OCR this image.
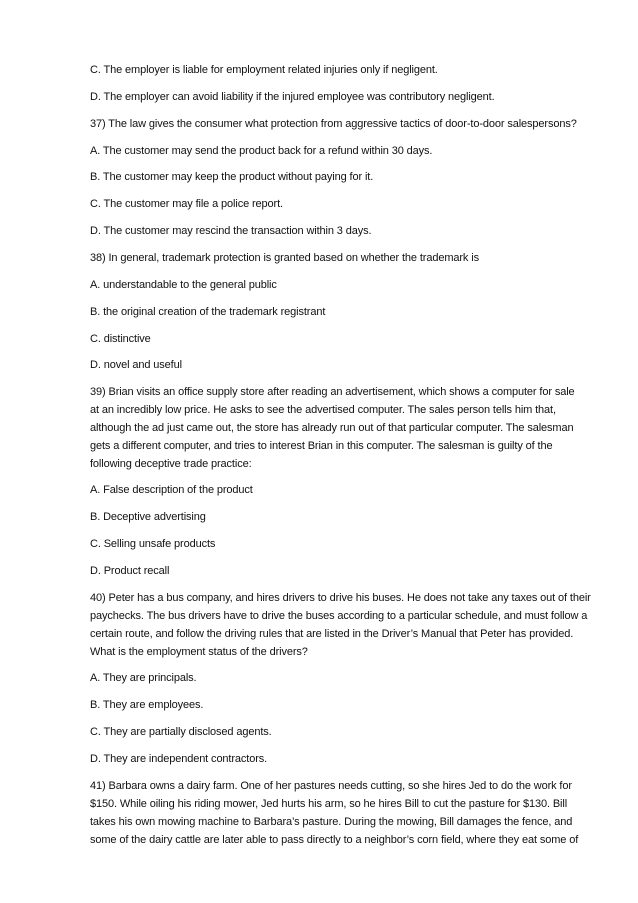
C. The employer is liable for employment related injuries only if negligent.
D. The employer can avoid liability if the injured employee was contributory negligent.
37) The law gives the consumer what protection from aggressive tactics of door-to-door salespersons?
A. The customer may send the product back for a refund within 30 days.
B. The customer may keep the product without paying for it.
C. The customer may file a police report.
D. The customer may rescind the transaction within 3 days.
38) In general, trademark protection is granted based on whether the trademark is
A. understandable to the general public
B. the original creation of the trademark registrant
C. distinctive
D. novel and useful
39) Brian visits an office supply store after reading an advertisement, which shows a computer for sale
at an incredibly low price. He asks to see the advertised computer. The sales person tells him that,
although the ad just came out, the store has already run out of that particular computer. The salesman
gets a different computer, and tries to interest Brian in this computer. The salesman is guilty of the
following deceptive trade practice:
A. False description of the product
B. Deceptive advertising
C. Selling unsafe products
D. Product recall
40) Peter has a bus company, and hires drivers to drive his buses. He does not take any taxes out of their
paychecks. The bus drivers have to drive the buses according to a particular schedule, and must follow a
certain route, and follow the driving rules that are listed in the Driver’s Manual that Peter has provided.
What is the employment status of the drivers?
A. They are principals.
B. They are employees.
C. They are partially disclosed agents.
D. They are independent contractors.
41) Barbara owns a dairy farm. One of her pastures needs cutting, so she hires Jed to do the work for
$150. While oiling his riding mower, Jed hurts his arm, so he hires Bill to cut the pasture for $130. Bill
takes his own mowing machine to Barbara’s pasture. During the mowing, Bill damages the fence, and
some of the dairy cattle are later able to pass directly to a neighbor’s corn field, where they eat some of
